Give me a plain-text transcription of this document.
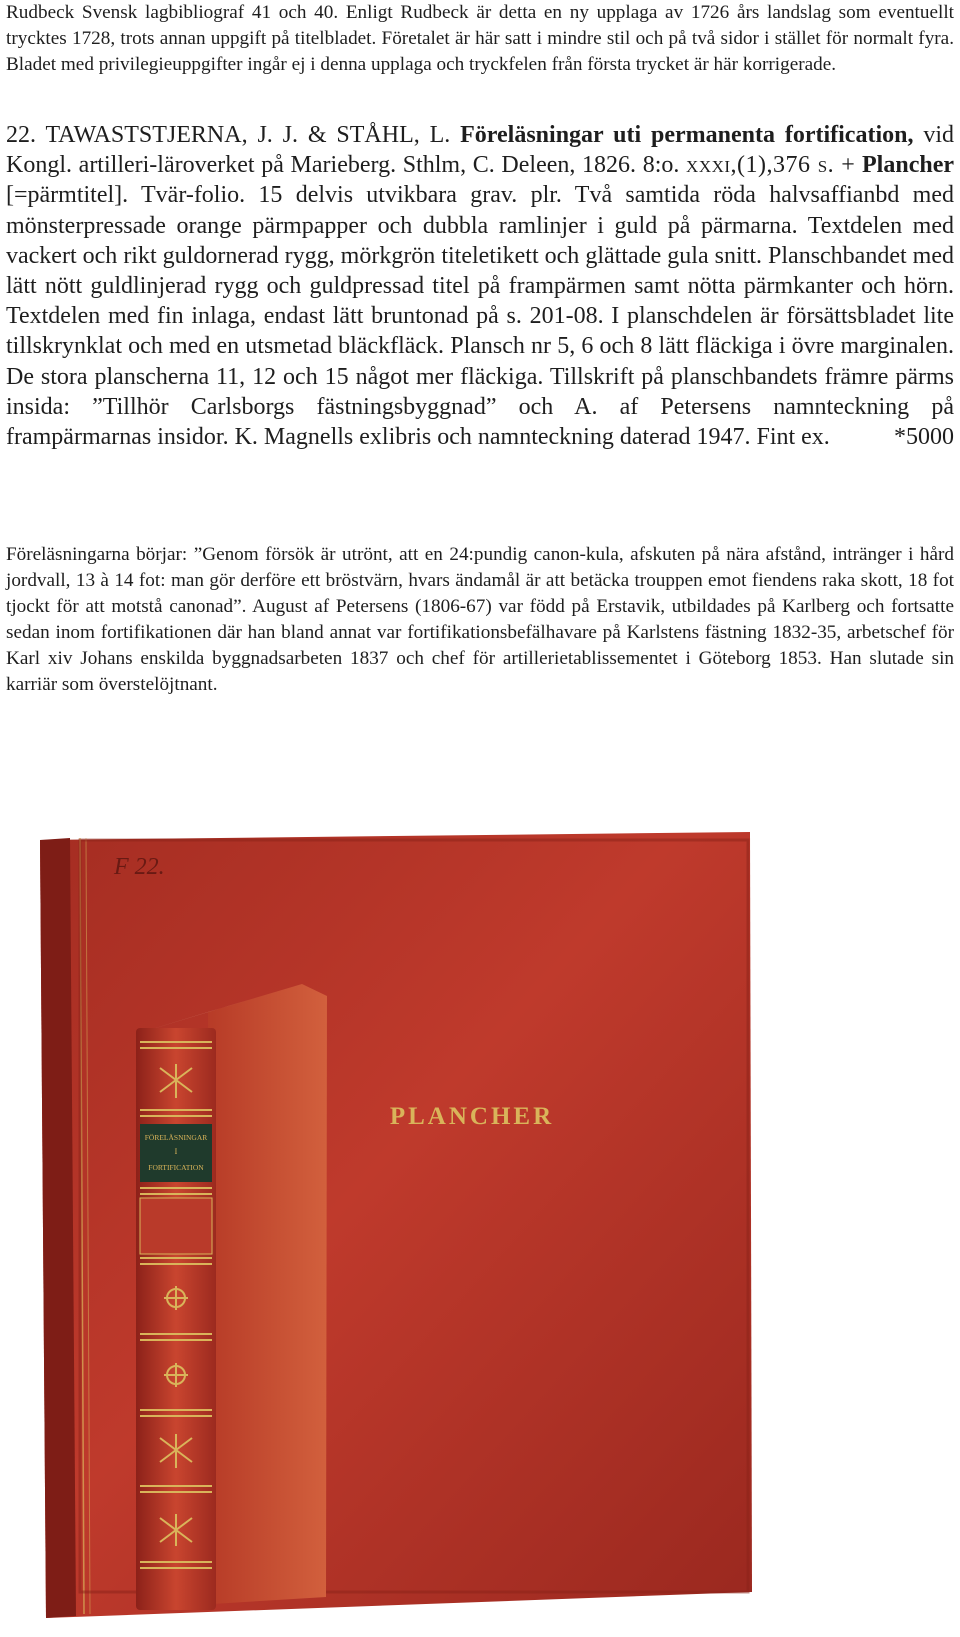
Rudbeck Svensk lagbibliograf 41 och 40. Enligt Rudbeck är detta en ny upplaga av 1726 års landslag som eventuellt trycktes 1728, trots annan uppgift på titelbladet. Företalet är här satt i mindre stil och på två sidor i stället för normalt fyra. Bladet med privilegieuppgifter ingår ej i denna upplaga och tryckfelen från första trycket är här korrigerade.
22. TAWASTSTJERNA, J. J. & STÅHL, L. Föreläsningar uti permanenta fortification, vid Kongl. artilleri-läroverket på Marieberg. Sthlm, C. Deleen, 1826. 8:o. xxxi,(1),376 s. + Plancher [=pärmtitel]. Tvär-folio. 15 delvis utvikbara grav. plr. Två samtida röda halvsaffianbd med mönsterpressade orange pärmpapper och dubbla ramlinjer i guld på pärmarna. Textdelen med vackert och rikt guldornerad rygg, mörkgrön titeletikett och glättade gula snitt. Planschbandet med lätt nött guldlinjerad rygg och guldpressad titel på frampärmen samt nötta pärmkanter och hörn. Textdelen med fin inlaga, endast lätt bruntonad på s. 201-08. I planschdelen är försättsbladet lite tillskrynklat och med en utsmetad bläckfläck. Plansch nr 5, 6 och 8 lätt fläckiga i övre marginalen. De stora planscherna 11, 12 och 15 något mer fläckiga. Tillskrift på planschbandets främre pärms insida: ”Tillhör Carlsborgs fästningsbyggnad” och A. af Petersens namnteckning på frampärmarnas insidor. K. Magnells exlibris och namnteckning daterad 1947. Fint ex.	*5000
Föreläsningarna börjar: ”Genom försök är utrönt, att en 24:pundig canon-kula, afskuten på nära afstånd, intränger i hård jordvall, 13 à 14 fot: man gör derföre ett bröstvärn, hvars ändamål är att betäcka trouppen emot fiendens raka skott, 18 fot tjockt för att motstå canonad”. August af Petersens (1806-67) var född på Erstavik, utbildades på Karlberg och fortsatte sedan inom fortifikationen där han bland annat var fortifikationsbefälhavare på Karlstens fästning 1832-35, arbetschef för Karl xiv Johans enskilda byggnadsarbeten 1837 och chef för artillerietablissementet i Göteborg 1853. Han slutade sin karriär som överstelöjtnant.
F 22.
PLANCHER
FÖRELÄSNINGAR
I
FORTIFICATION
